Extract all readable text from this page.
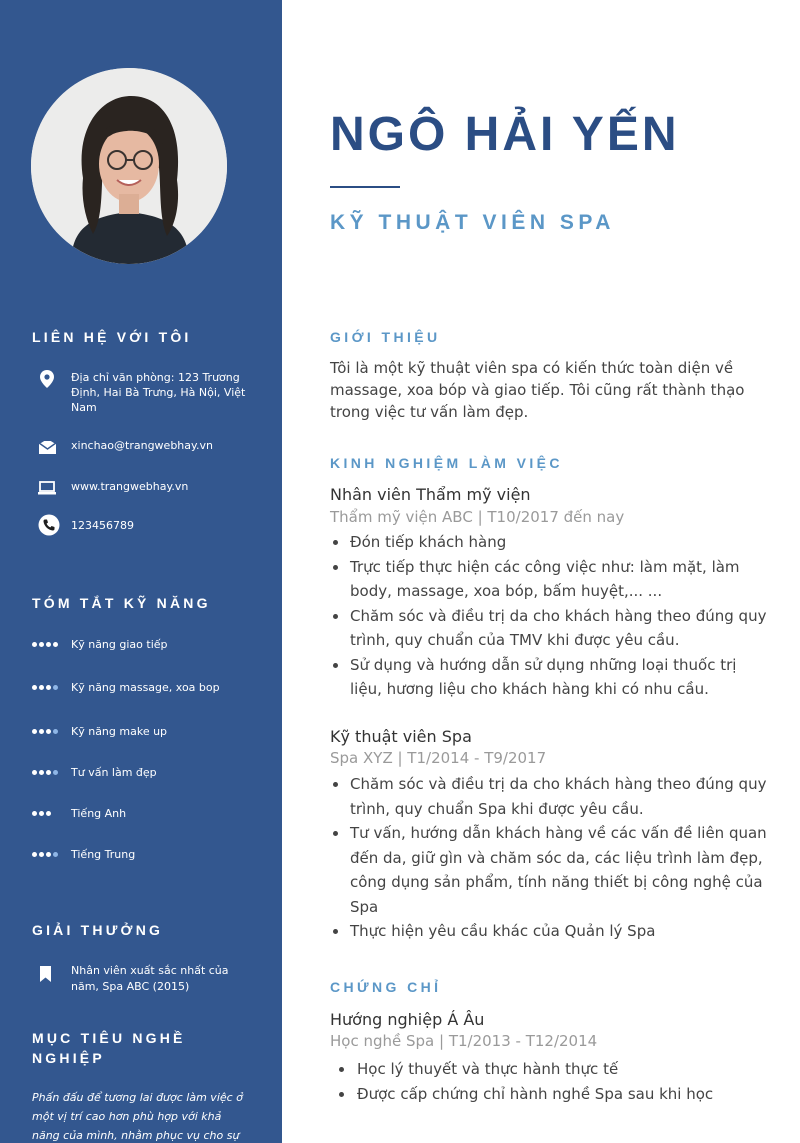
LIÊN HỆ VỚI TÔI
Địa chỉ văn phòng: 123 Trương Định, Hai Bà Trưng, Hà Nội, Việt Nam
xinchao@trangwebhay.vn
www.trangwebhay.vn
123456789
TÓM TẮT KỸ NĂNG
Kỹ năng giao tiếp
Kỹ năng massage, xoa bop
Kỹ năng make up
Tư vấn làm đẹp
Tiếng Anh
Tiếng Trung
GIẢI THƯỞNG
Nhân viên xuất sắc nhất của năm, Spa ABC (2015)
MỤC TIÊU NGHỀ NGHIỆP
Phấn đấu để tương lai được làm việc ở một vị trí cao hơn phù hợp với khả năng của mình, nhằm phục vụ cho sự
NGÔ HẢI YẾN
KỸ THUẬT VIÊN SPA
GIỚI THIỆU

Tôi là một kỹ thuật viên spa có kiến thức toàn diện về massage, xoa bóp và giao tiếp. Tôi cũng rất thành thạo trong việc tư vấn làm đẹp.

KINH NGHIỆM LÀM VIỆC
Nhân viên Thẩm mỹ viện
Thẩm mỹ viện ABC | T10/2017 đến nay
Đón tiếp khách hàng
Trực tiếp thực hiện các công việc như: làm mặt, làm body, massage, xoa bóp, bấm huyệt,... ...
Chăm sóc và điều trị da cho khách hàng theo đúng quy trình, quy chuẩn của TMV khi được yêu cầu.
Sử dụng và hướng dẫn sử dụng những loại thuốc trị liệu, hương liệu cho khách hàng khi có nhu cầu.
Kỹ thuật viên Spa
Spa XYZ | T1/2014 - T9/2017
Chăm sóc và điều trị da cho khách hàng theo đúng quy trình, quy chuẩn Spa khi được yêu cầu.
Tư vấn, hướng dẫn khách hàng về các vấn đề liên quan đến da, giữ gìn và chăm sóc da, các liệu trình làm đẹp, công dụng sản phẩm, tính năng thiết bị công nghệ của Spa
Thực hiện yêu cầu khác của Quản lý Spa
CHỨNG CHỈ
Hướng nghiệp Á Âu
Học nghề Spa | T1/2013 - T12/2014
Học lý thuyết và thực hành thực tế
Được cấp chứng chỉ hành nghề Spa sau khi học
